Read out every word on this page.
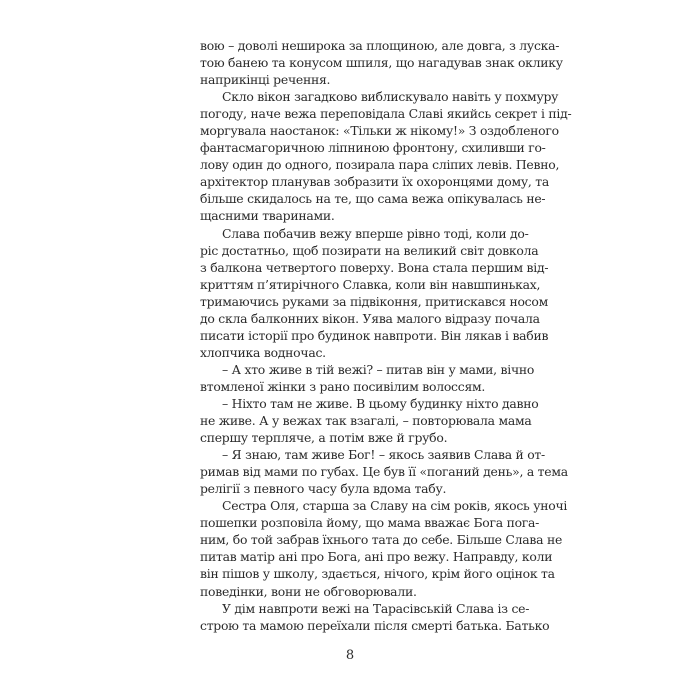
вою – доволі неширока за площиною, але довга, з луска-
тою банею та конусом шпиля, що нагадував знак оклику
наприкінці речення.
Скло вікон загадково виблискувало навіть у похмуру
погоду, наче вежа переповідала Славі якийсь секрет і під-
моргувала наостанок: «Тільки ж нікому!» З оздобленого
фантасмагоричною ліпниною фронтону, схиливши го-
лову один до одного, позирала пара сліпих левів. Певно,
архітектор планував зобразити їх охоронцями дому, та
більше скидалось на те, що сама вежа опікувалась не-
щасними тваринами.
Слава побачив вежу вперше рівно тоді, коли до-
ріс достатньо, щоб позирати на великий світ довкола
з балкона четвертого поверху. Вона стала першим від-
криттям п’ятирічного Славка, коли він навшпиньках,
тримаючись руками за підвіконня, притискався носом
до скла балконних вікон. Уява малого відразу почала
писати історії про будинок навпроти. Він лякав і вабив
хлопчика водночас.
– А хто живе в тій вежі? – питав він у мами, вічно
втомленої жінки з рано посивілим волоссям.
– Ніхто там не живе. В цьому будинку ніхто давно
не живе. А у вежах так взагалі, – повторювала мама
спершу терпляче, а потім вже й грубо.
– Я знаю, там живе Бог! – якось заявив Слава й от-
римав від мами по губах. Це був її «поганий день», а тема
релігії з певного часу була вдома табу.
Сестра Оля, старша за Славу на сім років, якось уночі
пошепки розповіла йому, що мама вважає Бога пога-
ним, бо той забрав їхнього тата до себе. Більше Слава не
питав матір ані про Бога, ані про вежу. Направду, коли
він пішов у школу, здається, нічого, крім його оцінок та
поведінки, вони не обговорювали.
У дім навпроти вежі на Тарасівській Слава із се-
строю та мамою переїхали після смерті батька. Батько
8
